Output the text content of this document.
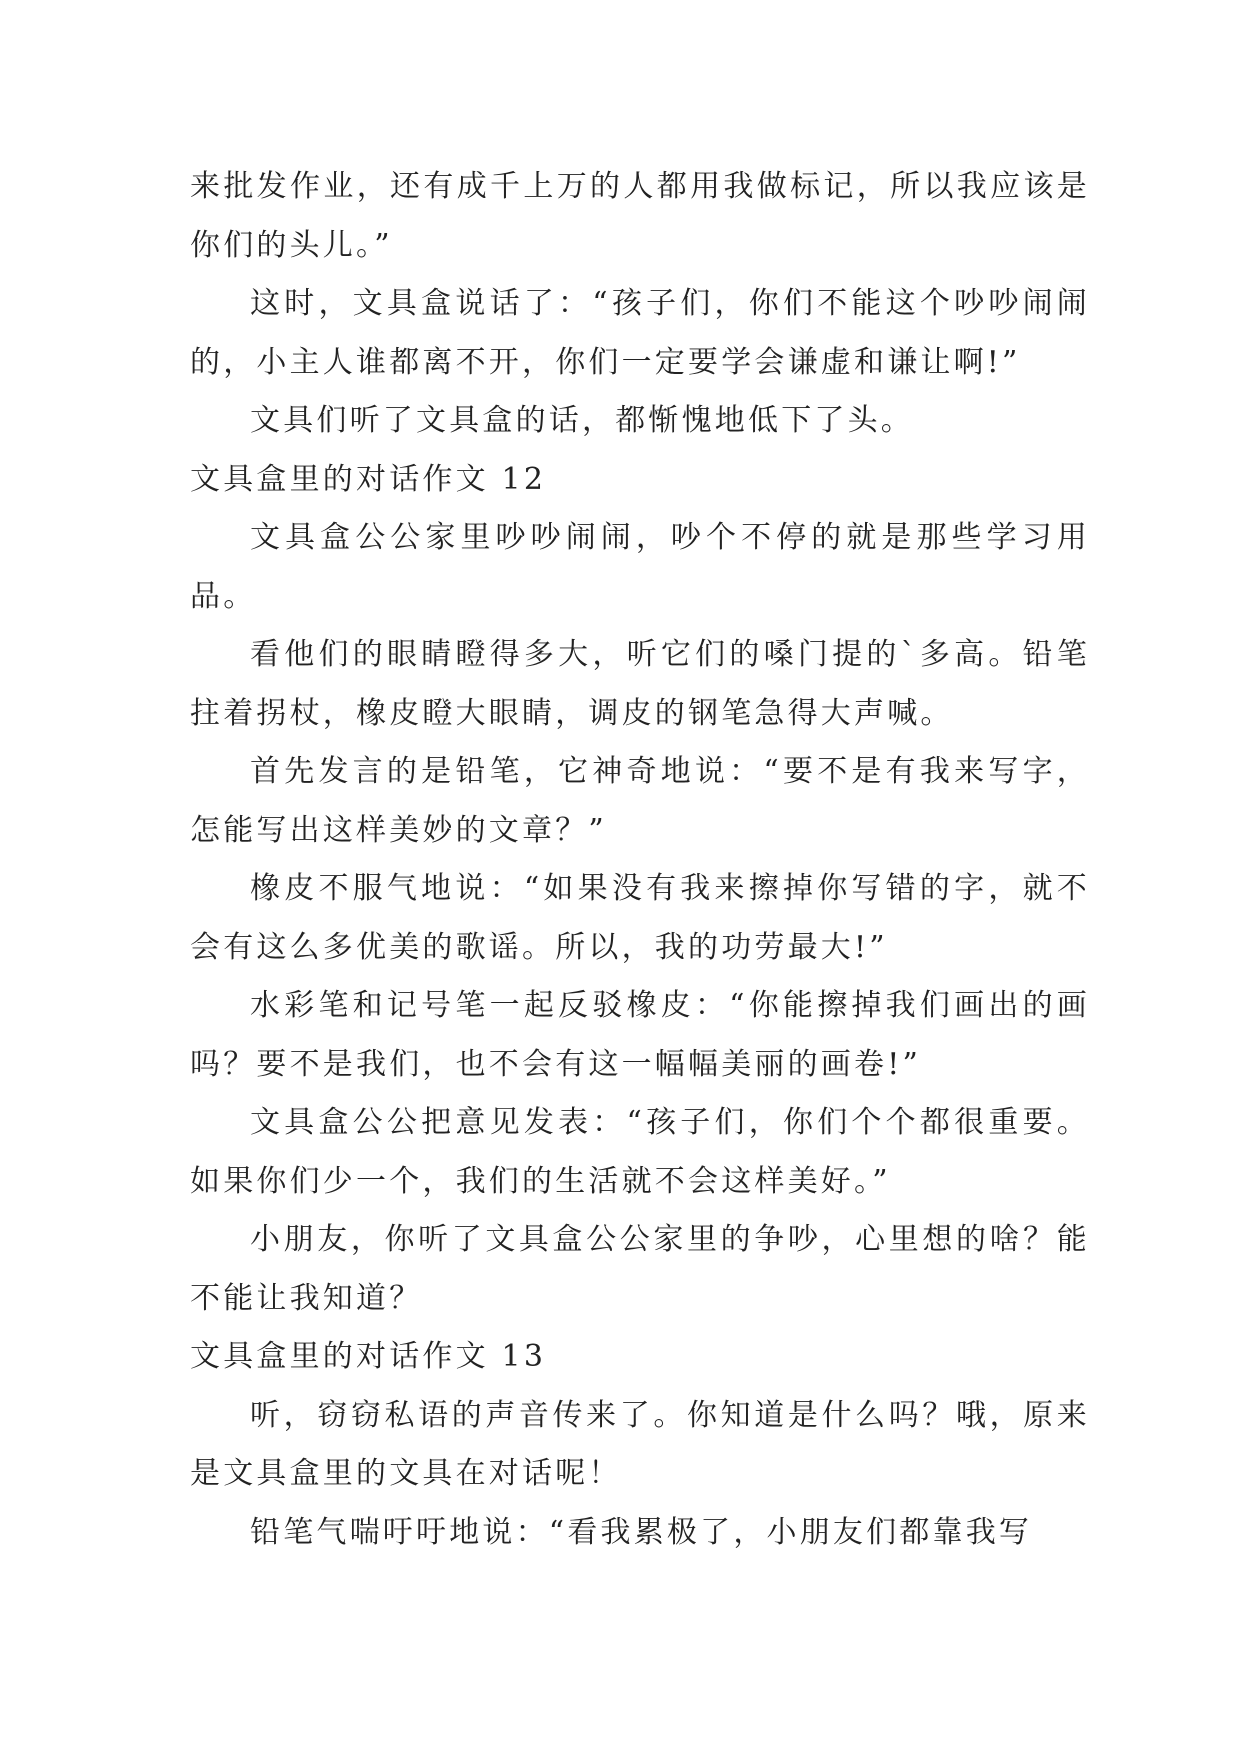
来批发作业，还有成千上万的人都用我做标记，所以我应该是你们的头儿。”

这时，文具盒说话了：“孩子们，你们不能这个吵吵闹闹的，小主人谁都离不开，你们一定要学会谦虚和谦让啊!”

文具们听了文具盒的话，都惭愧地低下了头。

文具盒里的对话作文 12

文具盒公公家里吵吵闹闹，吵个不停的就是那些学习用品。

看他们的眼睛瞪得多大，听它们的嗓门提的`多高。铅笔拄着拐杖，橡皮瞪大眼睛，调皮的钢笔急得大声喊。

首先发言的是铅笔，它神奇地说：“要不是有我来写字，怎能写出这样美妙的文章？”

橡皮不服气地说：“如果没有我来擦掉你写错的字，就不会有这么多优美的歌谣。所以，我的功劳最大!”

水彩笔和记号笔一起反驳橡皮：“你能擦掉我们画出的画吗？要不是我们，也不会有这一幅幅美丽的画卷!”

文具盒公公把意见发表：“孩子们，你们个个都很重要。如果你们少一个，我们的生活就不会这样美好。”

小朋友，你听了文具盒公公家里的争吵，心里想的啥？能不能让我知道？

文具盒里的对话作文 13

听，窃窃私语的声音传来了。你知道是什么吗？哦，原来是文具盒里的文具在对话呢！

铅笔气喘吁吁地说：“看我累极了，小朋友们都靠我写
